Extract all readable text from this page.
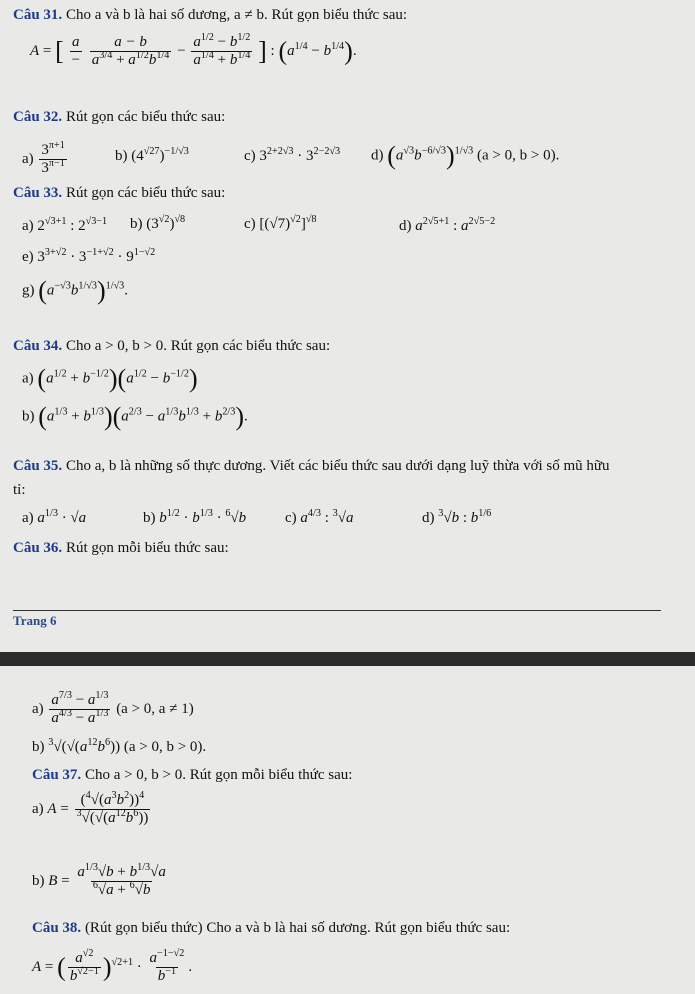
Câu 31. Cho a và b là hai số dương, a ≠ b. Rút gọn biểu thức sau:
A = [ $\frac{a}{-}$
$\frac{a - b}{a^{3/4} + a^{1/2}b^{1/4}} - \frac{a^{1/2} - b^{1/2}}{a^{1/4} + b^{1/4}}$ ] : $(a^{1/4} - b^{1/4})$.
Câu 32. Rút gọn các biểu thức sau:
$a) \frac{3^{\pi+1}}{3^{\pi-1}}$	b) $(4^{√27})^{-1/√3}$	c) $3^{2+2√3} \cdot 3^{2-2√3}$ d) $(a^{√3}b^{-6/√3})^{1/√3}$ (a > 0, b > 0).
Câu 33. Rút gọn các biểu thức sau:
a) $2^{√3+1}$ : $2^{√3-1}$ b) $(3^{√2})^{√8}$	c) $[(√7)^{√2}]^{√8}$	d) $a^{2√5+1}$ : $a^{2√5-2}$
e) $3^{3+√2} \cdot 3^{-1+√2} \cdot 9^{1-√2}$
g) $(a^{-√3}b^{1/√3})^{1/√3}$.
Câu 34. Cho a > 0, b > 0. Rút gọn các biểu thức sau:
a) $(a^{1/2} + b^{-1/2})(a^{1/2} - b^{-1/2})$
b) $(a^{1/3} + b^{1/3})(a^{2/3} - a^{1/3}b^{1/3} + b^{2/3})$.
Câu 35. Cho a, b là những số thực dương. Viết các biểu thức sau dưới dạng luỹ thừa với số mũ hữu
tỉ:
a) $a^{1/3} \cdot √a$	b) $b^{1/2} \cdot b^{1/3} \cdot ^6√b$	c) $a^{4/3}$ : $^3$√a	d) $^3$√b : $b^{1/6}$
Câu 36. Rút gọn mỗi biểu thức sau:
Trang 6
$a) \frac{a^{7/3} - a^{1/3}}{a^{4/3} - a^{1/3}} (a > 0$, a ≠ 1)
b) $^3√(√(a^{12}b^6)) (a > 0$, b > 0).
Câu 37. Cho a > 0, b > 0. Rút gọn mỗi biểu thức sau:
a) $A = \frac{(^4√(a^3b^2))^4}{^3√(√(a^{12}b^6))}$
b) $B = \frac{a^{1/3}√b + b^{1/3}√a}{^6√a + ^6√b}$
Câu 38. (Rút gọn biểu thức) Cho a và b là hai số dương. Rút gọn biểu thức sau:
A = ( $\frac{a^{√2}}{b^{√2-1}} )^{√2+1} \cdot \frac{a^{-1-√2}}{b^{-1}}$ .
